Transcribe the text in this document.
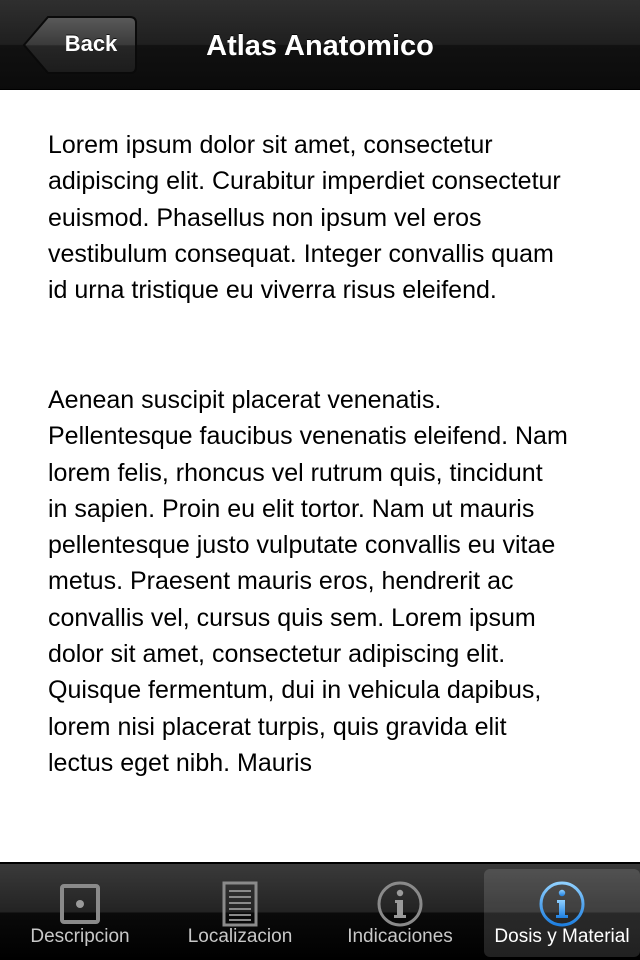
Back	Atlas Anatomico

Lorem ipsum dolor sit amet, consectetur adipiscing elit. Curabitur imperdiet consectetur euismod. Phasellus non ipsum vel eros vestibulum consequat. Integer convallis quam id urna tristique eu viverra risus eleifend.

Aenean suscipit placerat venenatis. Pellentesque faucibus venenatis eleifend. Nam lorem felis, rhoncus vel rutrum quis, tincidunt in sapien. Proin eu elit tortor. Nam ut mauris pellentesque justo vulputate convallis eu vitae metus. Praesent mauris eros, hendrerit ac convallis vel, cursus quis sem. Lorem ipsum dolor sit amet, consectetur adipiscing elit. Quisque fermentum, dui in vehicula dapibus, lorem nisi placerat turpis, quis gravida elit lectus eget nibh. Mauris

Descripcion	Localizacion	Indicaciones	Dosis y Material
